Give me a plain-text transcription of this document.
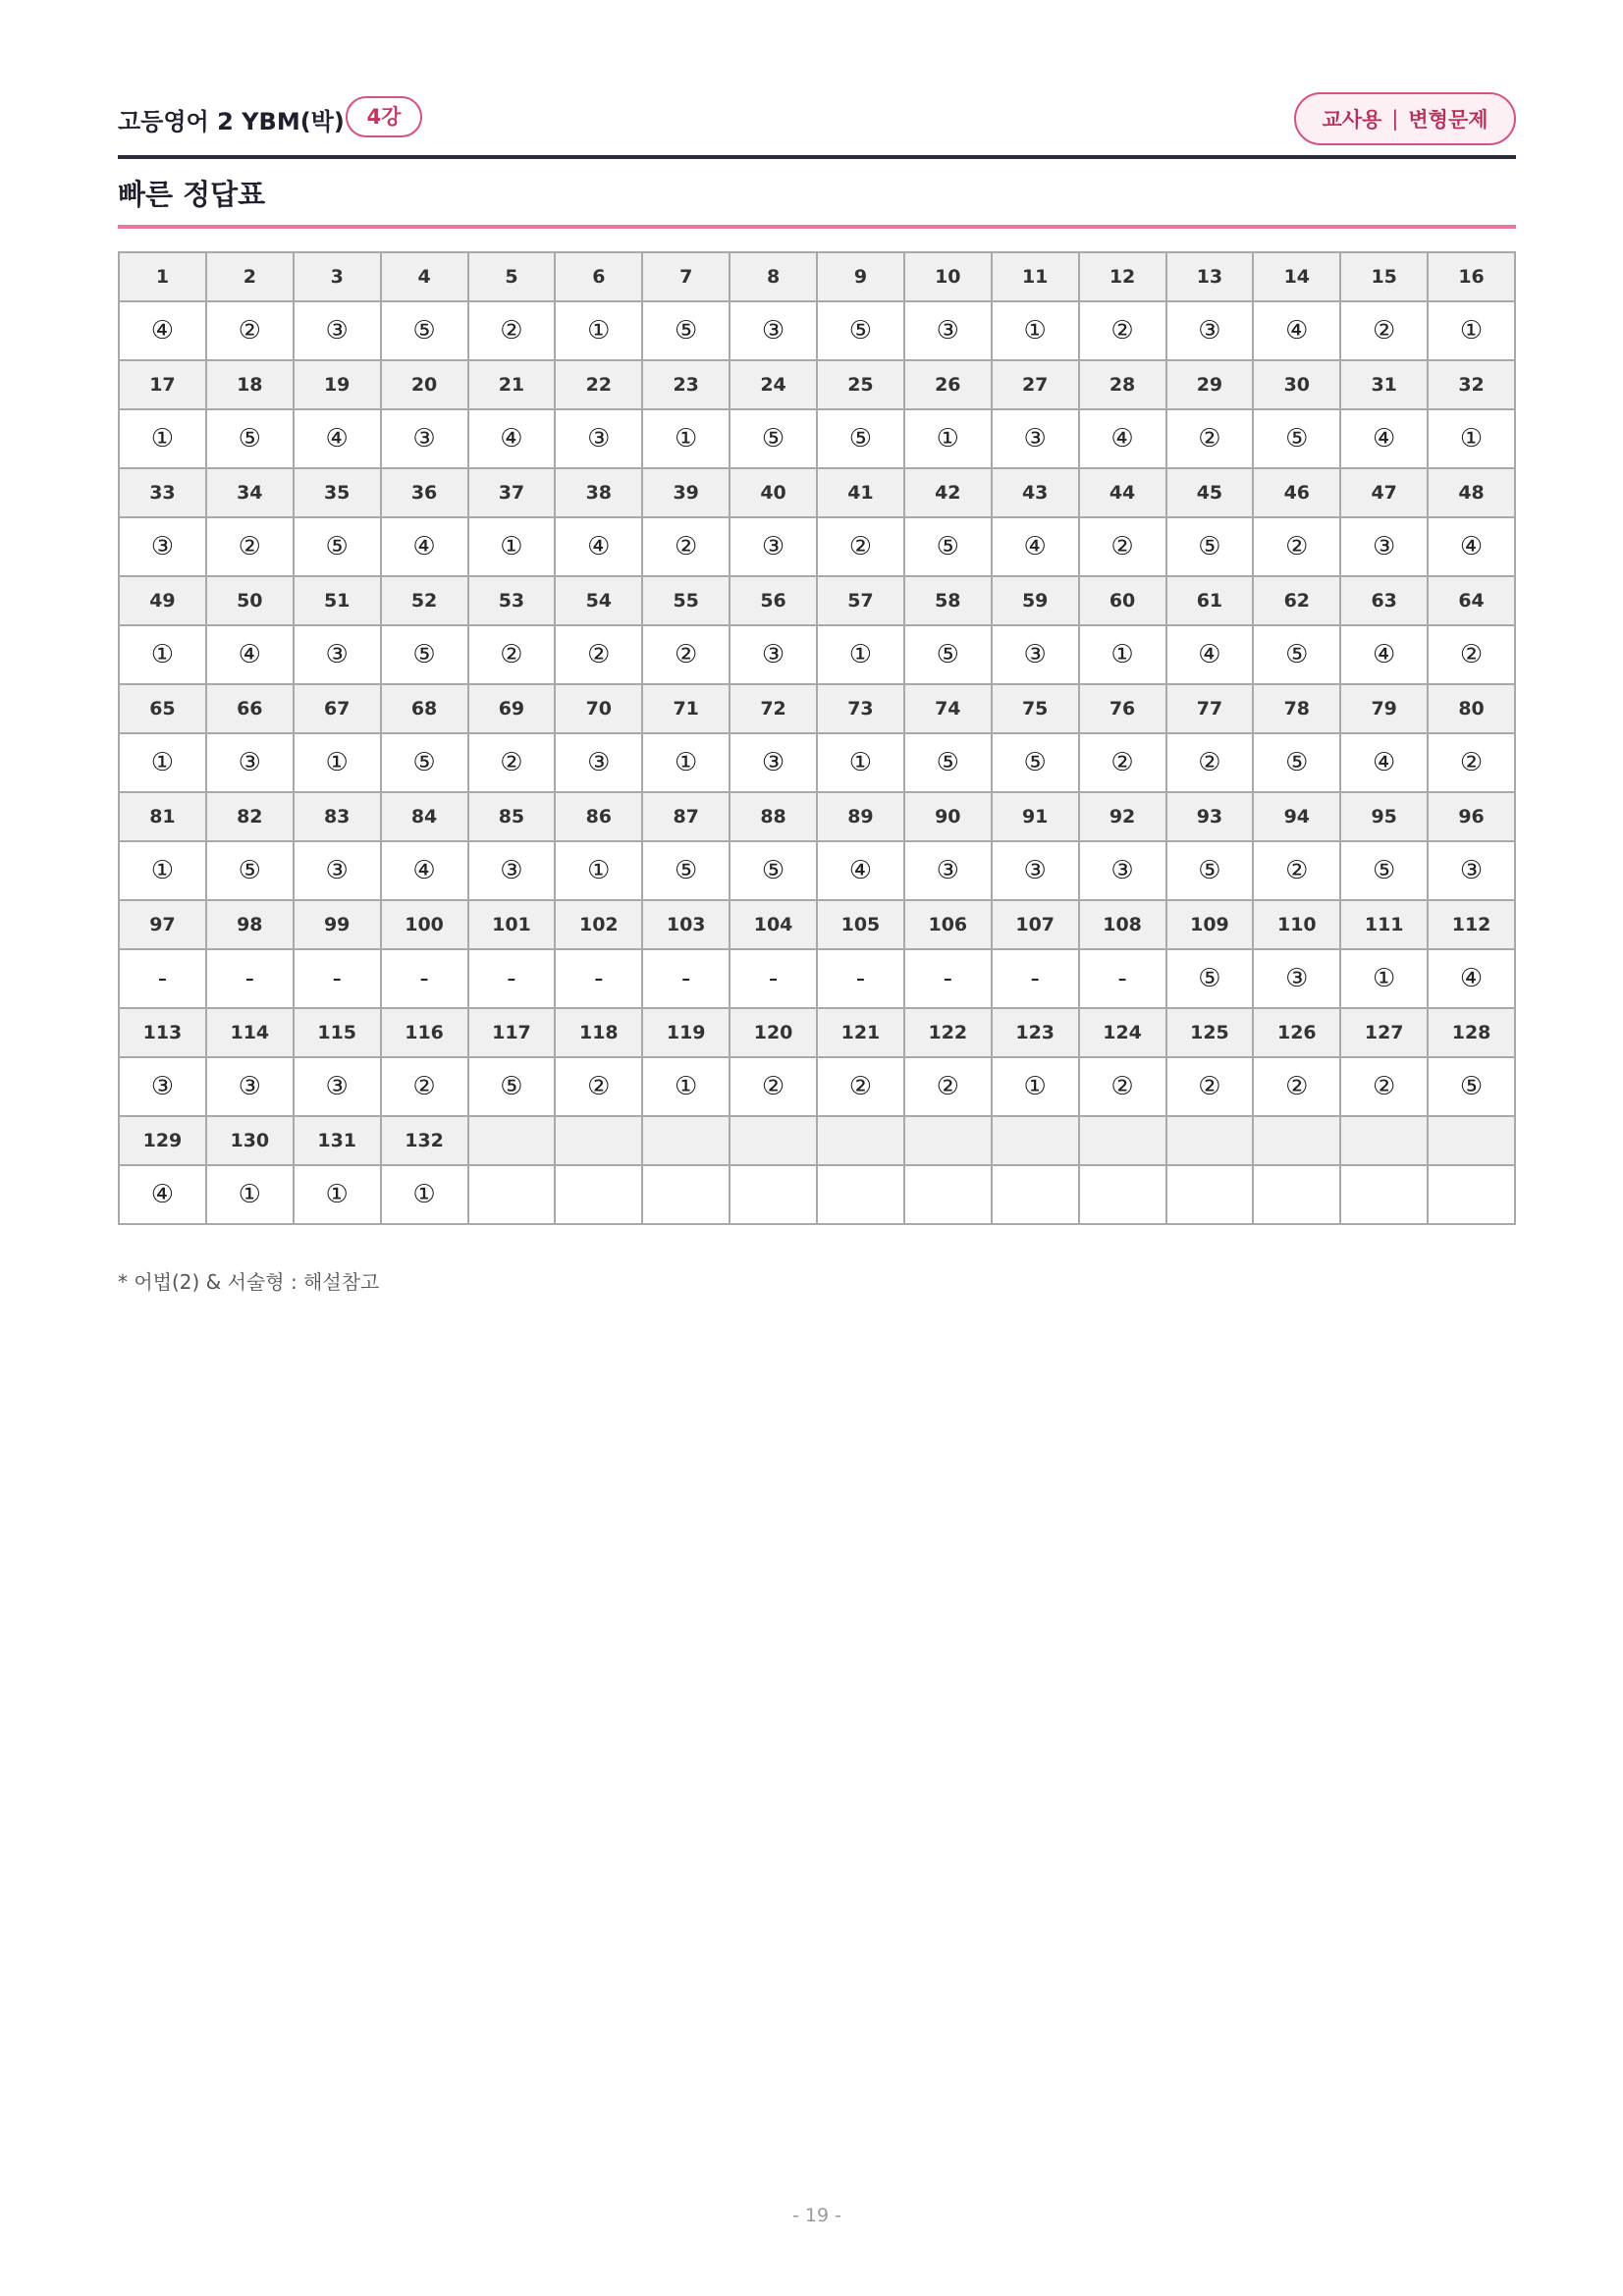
고등영어 2 YBM(박)	4강	교사용 | 변형문제
빠른 정답표
1	2	3	4	5	6	7	8	9	10	11	12	13	14	15	16
④	②	③	⑤	②	①	⑤	③	⑤	③	①	②	③	④	②	①
17	18	19	20	21	22	23	24	25	26	27	28	29	30	31	32
①	⑤	④	③	④	③	①	⑤	⑤	①	③	④	②	⑤	④	①
33	34	35	36	37	38	39	40	41	42	43	44	45	46	47	48
③	②	⑤	④	①	④	②	③	②	⑤	④	②	⑤	②	③	④
49	50	51	52	53	54	55	56	57	58	59	60	61	62	63	64
①	④	③	⑤	②	②	②	③	①	⑤	③	①	④	⑤	④	②
65	66	67	68	69	70	71	72	73	74	75	76	77	78	79	80
①	③	①	⑤	②	③	①	③	①	⑤	⑤	②	②	⑤	④	②
81	82	83	84	85	86	87	88	89	90	91	92	93	94	95	96
①	⑤	③	④	③	①	⑤	⑤	④	③	③	③	⑤	②	⑤	③
97	98	99	100	101	102	103	104	105	106	107	108	109	110	111	112
-	-	-	-	-	-	-	-	-	-	-	-	⑤	③	①	④
113	114	115	116	117	118	119	120	121	122	123	124	125	126	127	128
③	③	③	②	⑤	②	①	②	②	②	①	②	②	②	②	⑤
129	130	131	132												
④	①	①	①												
* 어법(2) & 서술형 : 해설참고
- 19 -
